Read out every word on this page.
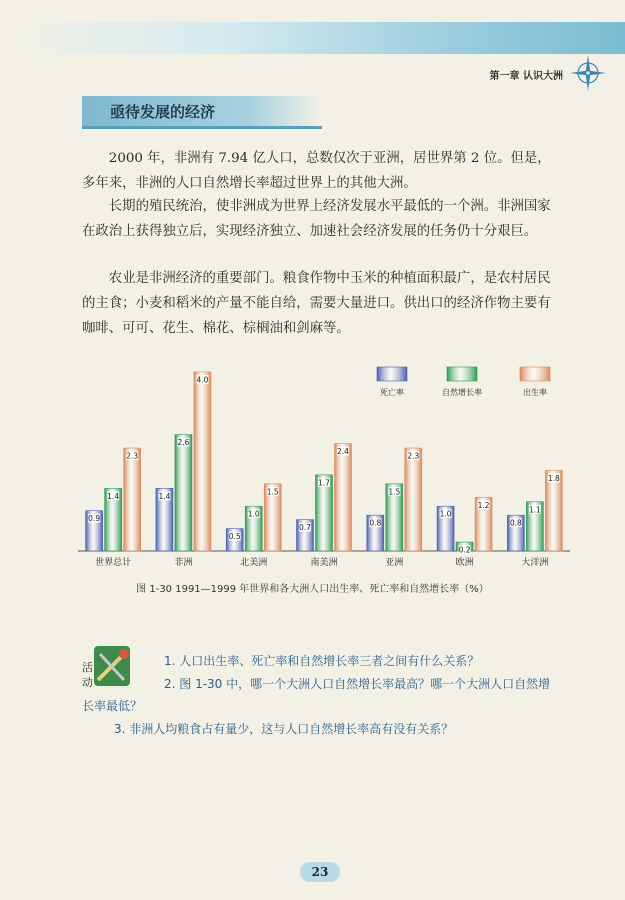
第一章 认识大洲
亟待发展的经济

2000 年，非洲有 7.94 亿人口，总数仅次于亚洲，居世界第 2 位。但是，多年来，非洲的人口自然增长率超过世界上的其他大洲。

长期的殖民统治，使非洲成为世界上经济发展水平最低的一个洲。非洲国家在政治上获得独立后，实现经济独立、加速社会经济发展的任务仍十分艰巨。

农业是非洲经济的重要部门。粮食作物中玉米的种植面积最广，是农村居民的主食；小麦和稻米的产量不能自给，需要大量进口。供出口的经济作物主要有咖啡、可可、花生、棉花、棕榈油和剑麻等。

0.9
1.4
2.3
世界总计
1.4
2.6
4.0
非洲
0.5
1.0
1.5
北美洲
0.7
1.7
2.4
南美洲
0.8
1.5
2.3
亚洲
1.0
0.2
1.2
欧洲
0.8
1.1
1.8
大洋洲
死亡率	自然增长率	出生率
图 1-30 1991—1999 年世界和各大洲人口出生率、死亡率和自然增长率（%）
活动
1. 人口出生率、死亡率和自然增长率三者之间有什么关系？
2. 图 1-30 中，哪一个大洲人口自然增长率最高？哪一个大洲人口自然增长率最低？
3. 非洲人均粮食占有量少，这与人口自然增长率高有没有关系？
23
